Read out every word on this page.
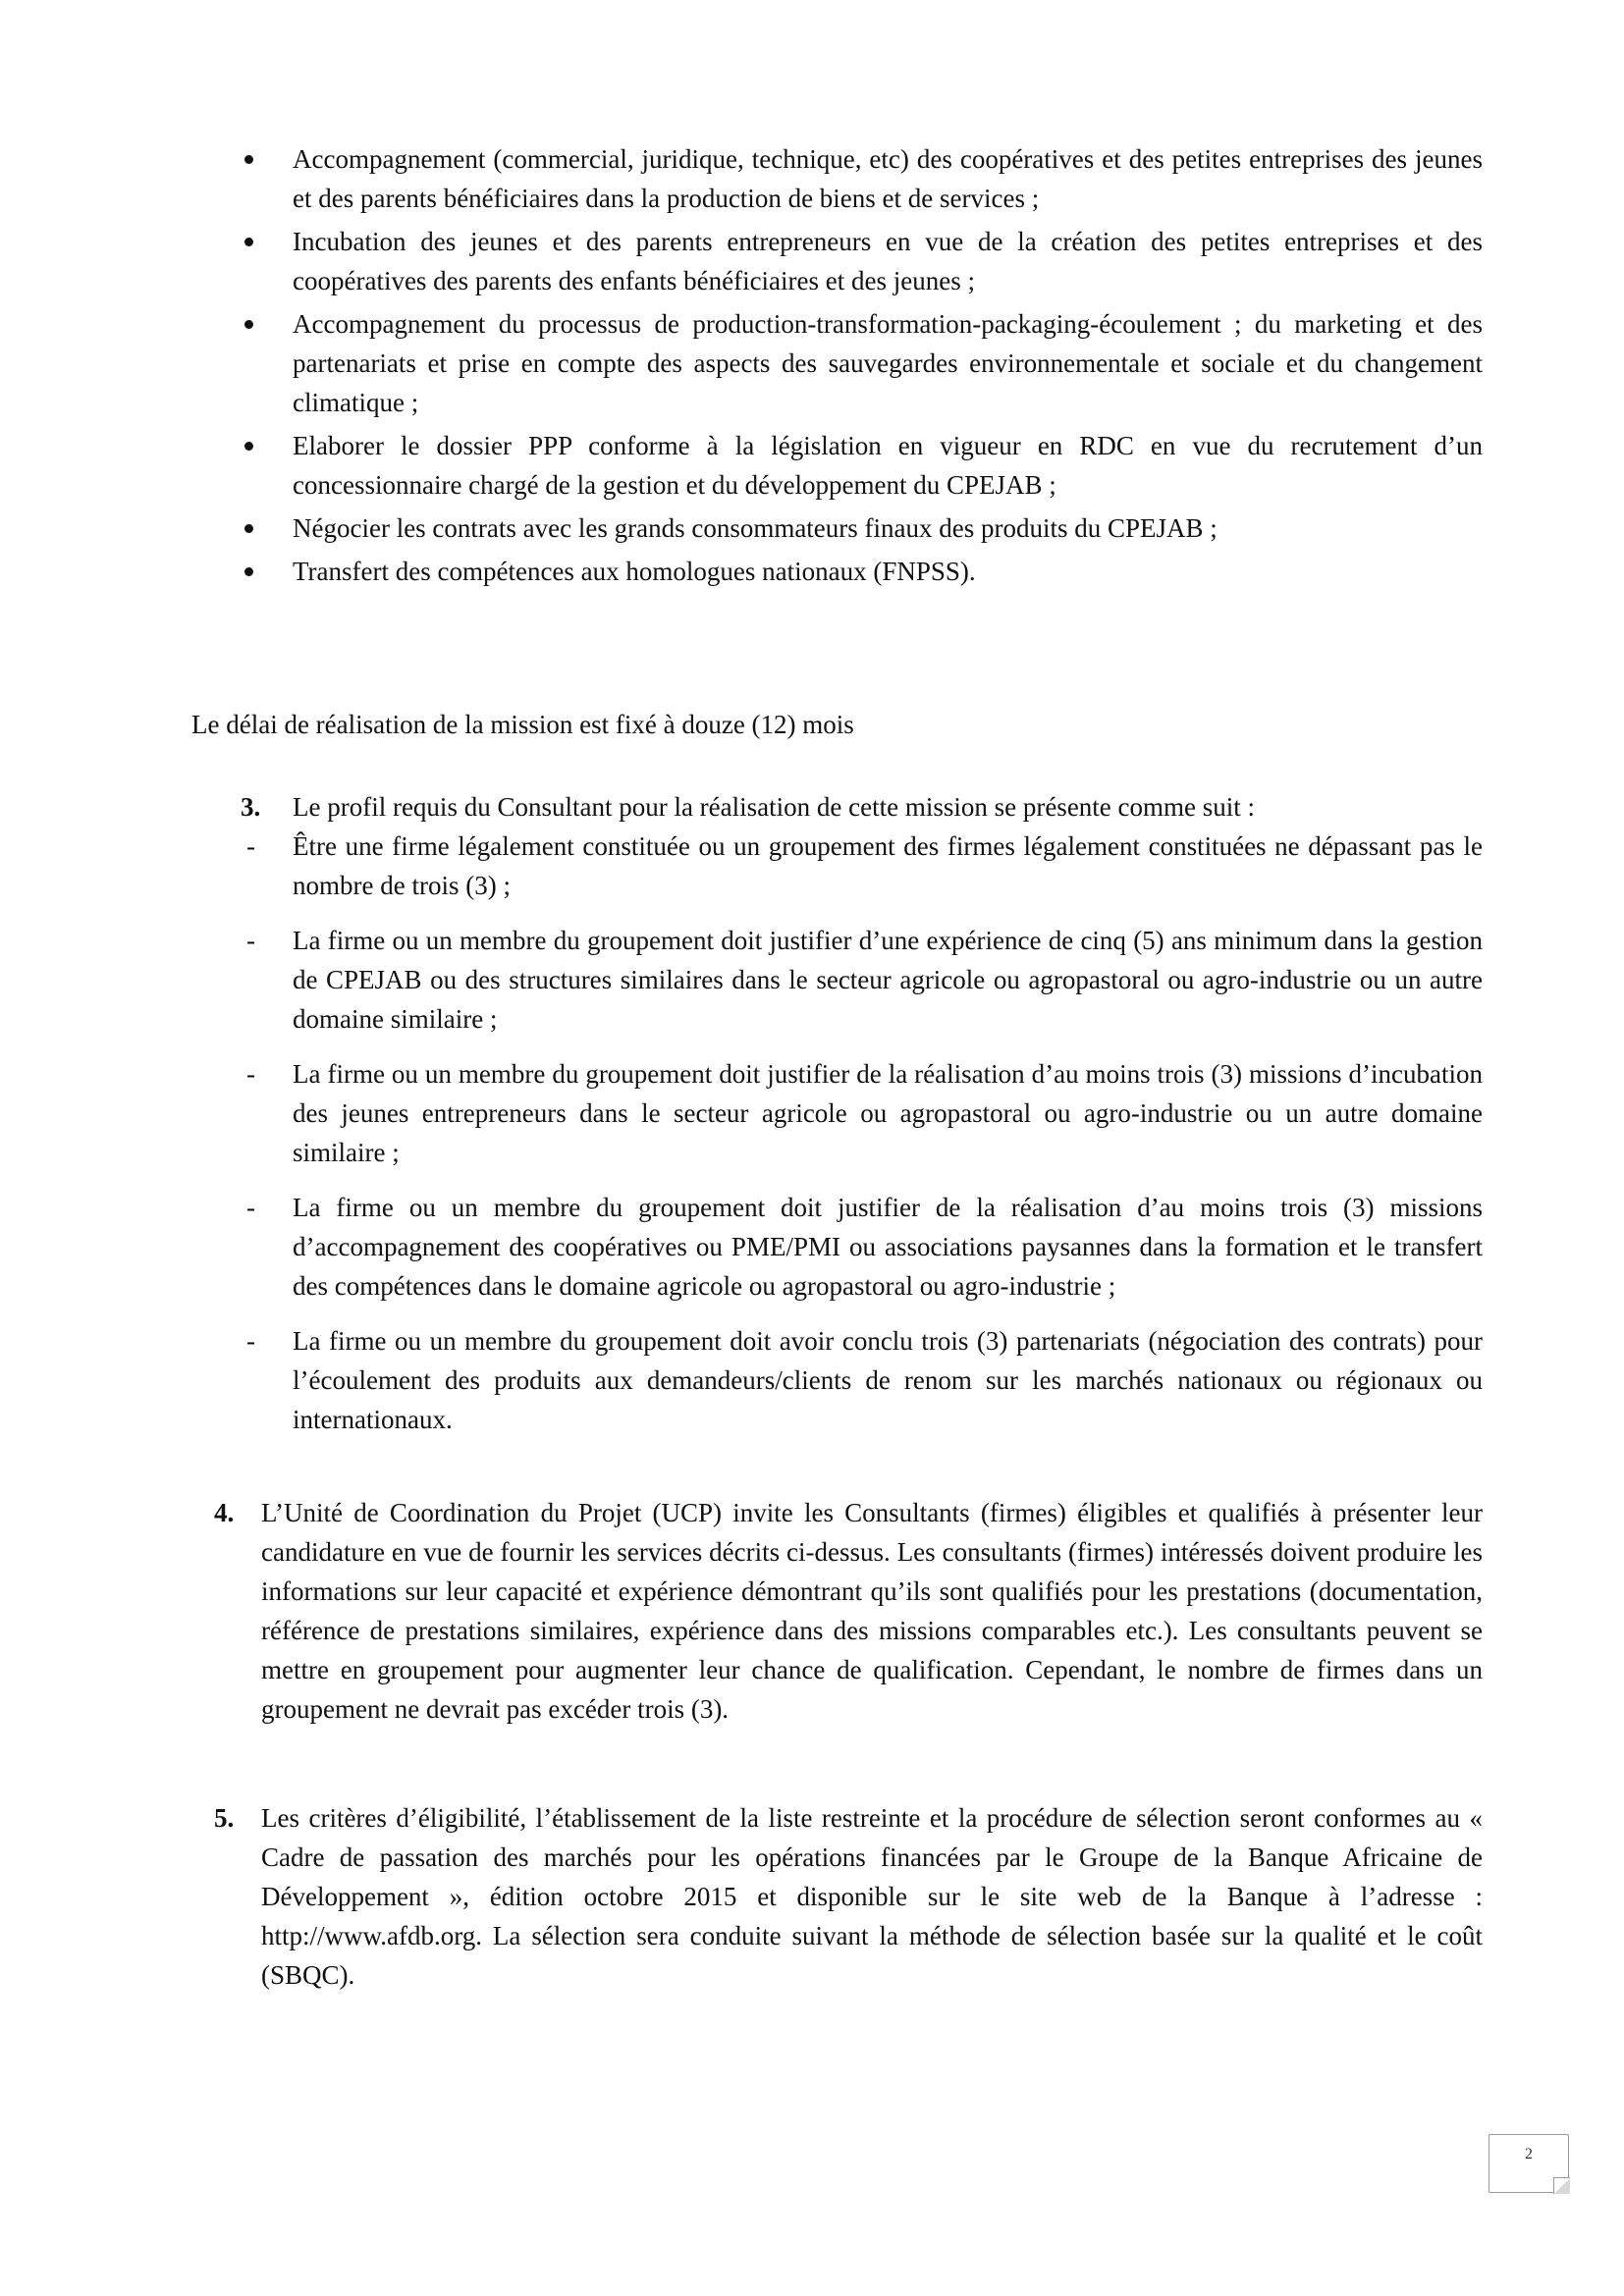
Accompagnement (commercial, juridique, technique, etc) des coopératives et des petites entreprises des jeunes et des parents bénéficiaires dans la production de biens et de services ;

Incubation des jeunes et des parents entrepreneurs en vue de la création des petites entreprises et des coopératives des parents des enfants bénéficiaires et des jeunes ;

Accompagnement du processus de production-transformation-packaging-écoulement ; du marketing et des partenariats et prise en compte des aspects des sauvegardes environnementale et sociale et du changement climatique ;

Elaborer le dossier PPP conforme à la législation en vigueur en RDC en vue du recrutement d’un concessionnaire chargé de la gestion et du développement du CPEJAB ;

Négocier les contrats avec les grands consommateurs finaux des produits du CPEJAB ;

Transfert des compétences aux homologues nationaux (FNPSS).

Le délai de réalisation de la mission est fixé à douze (12) mois

3. Le profil requis du Consultant pour la réalisation de cette mission se présente comme suit :

- Être une firme légalement constituée ou un groupement des firmes légalement constituées ne dépassant pas le nombre de trois (3) ;

- La firme ou un membre du groupement doit justifier d’une expérience de cinq (5) ans minimum dans la gestion de CPEJAB ou des structures similaires dans le secteur agricole ou agropastoral ou agro-industrie ou un autre domaine similaire ;

- La firme ou un membre du groupement doit justifier de la réalisation d’au moins trois (3) missions d’incubation des jeunes entrepreneurs dans le secteur agricole ou agropastoral ou agro-industrie ou un autre domaine similaire ;

- La firme ou un membre du groupement doit justifier de la réalisation d’au moins trois (3) missions d’accompagnement des coopératives ou PME/PMI ou associations paysannes dans la formation et le transfert des compétences dans le domaine agricole ou agropastoral ou agro-industrie ;

- La firme ou un membre du groupement doit avoir conclu trois (3) partenariats (négociation des contrats) pour l’écoulement des produits aux demandeurs/clients de renom sur les marchés nationaux ou régionaux ou internationaux.

4. L’Unité de Coordination du Projet (UCP) invite les Consultants (firmes) éligibles et qualifiés à présenter leur candidature en vue de fournir les services décrits ci-dessus. Les consultants (firmes) intéressés doivent produire les informations sur leur capacité et expérience démontrant qu’ils sont qualifiés pour les prestations (documentation, référence de prestations similaires, expérience dans des missions comparables etc.). Les consultants peuvent se mettre en groupement pour augmenter leur chance de qualification. Cependant, le nombre de firmes dans un groupement ne devrait pas excéder trois (3).

5. Les critères d’éligibilité, l’établissement de la liste restreinte et la procédure de sélection seront conformes au « Cadre de passation des marchés pour les opérations financées par le Groupe de la Banque Africaine de Développement », édition octobre 2015 et disponible sur le site web de la Banque à l’adresse : http://www.afdb.org. La sélection sera conduite suivant la méthode de sélection basée sur la qualité et le coût (SBQC).

2
